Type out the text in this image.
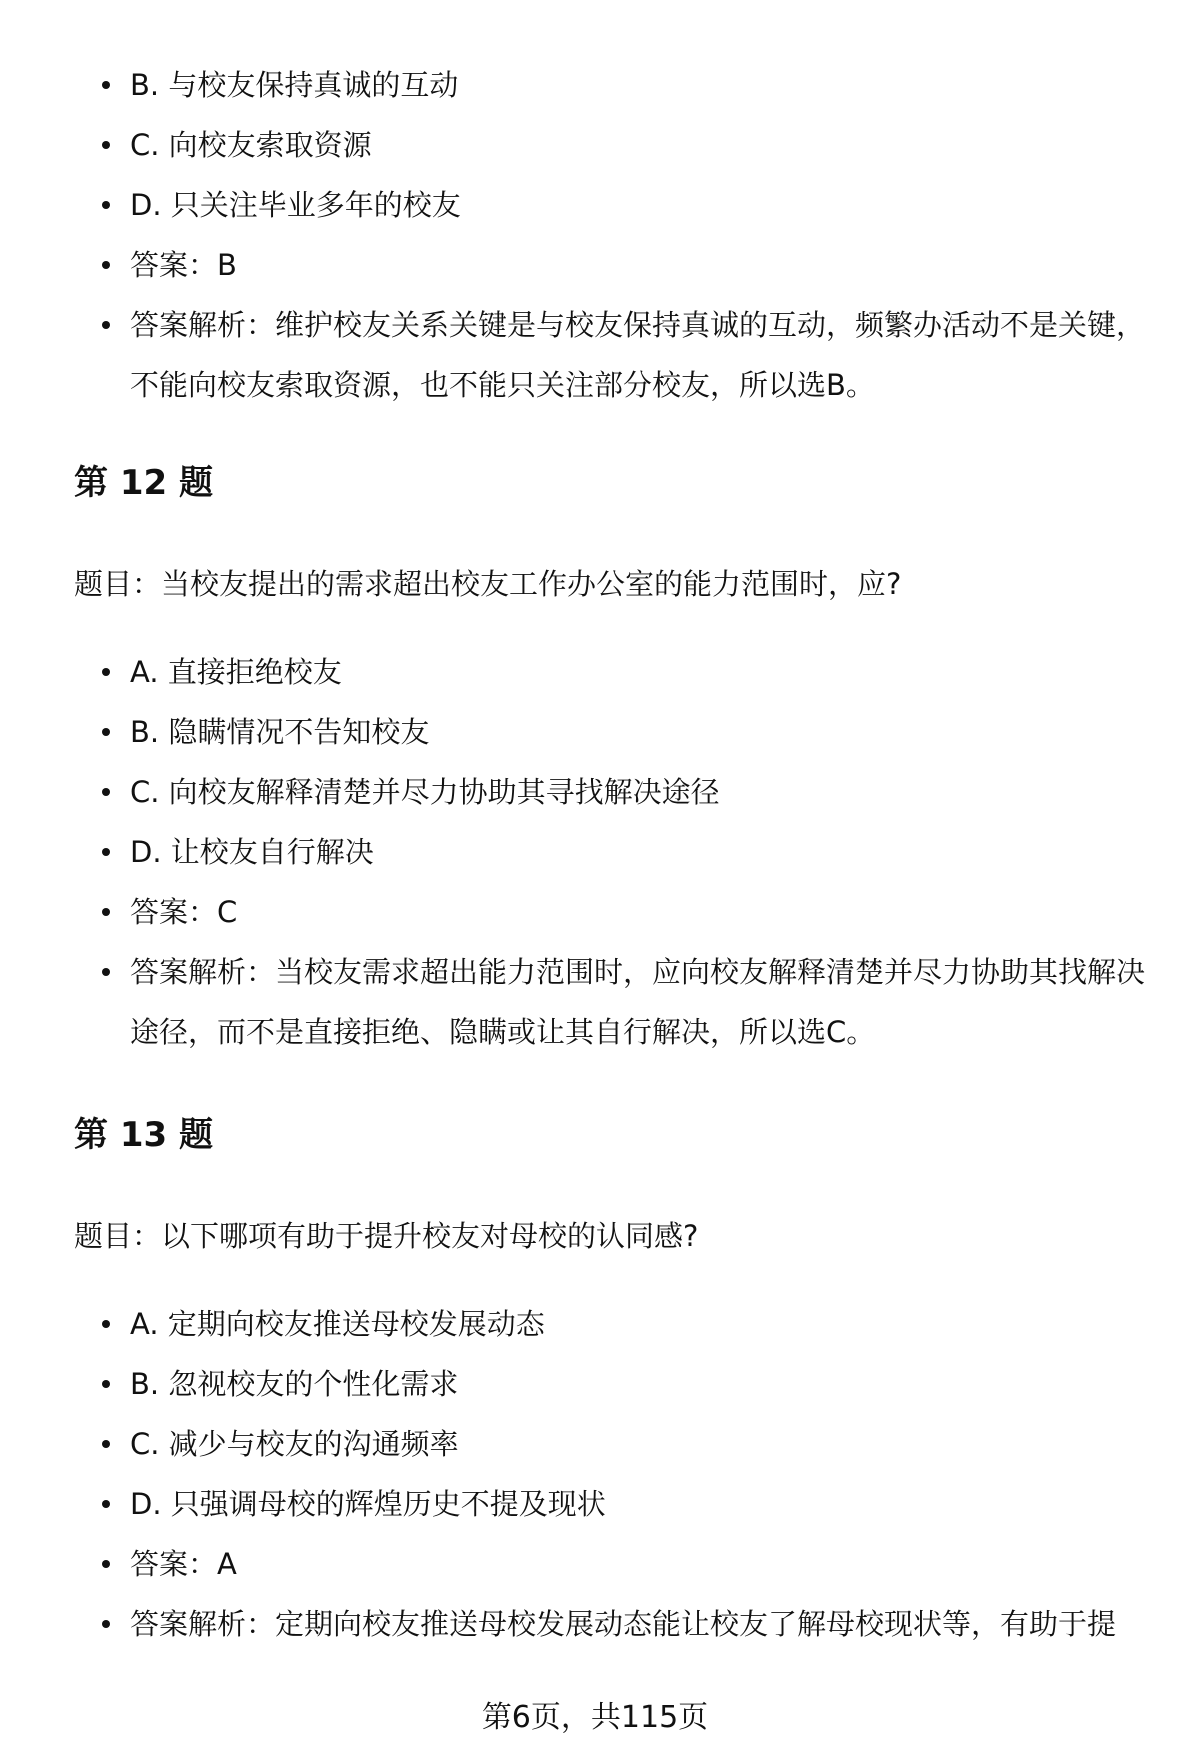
B. 与校友保持真诚的互动
C. 向校友索取资源
D. 只关注毕业多年的校友
答案：B
答案解析：维护校友关系关键是与校友保持真诚的互动，频繁办活动不是关键，不能向校友索取资源，也不能只关注部分校友，所以选B。
第 12 题

题目：当校友提出的需求超出校友工作办公室的能力范围时，应?

A. 直接拒绝校友
B. 隐瞒情况不告知校友
C. 向校友解释清楚并尽力协助其寻找解决途径
D. 让校友自行解决
答案：C
答案解析：当校友需求超出能力范围时，应向校友解释清楚并尽力协助其找解决途径，而不是直接拒绝、隐瞒或让其自行解决，所以选C。
第 13 题

题目：以下哪项有助于提升校友对母校的认同感?

A. 定期向校友推送母校发展动态
B. 忽视校友的个性化需求
C. 减少与校友的沟通频率
D. 只强调母校的辉煌历史不提及现状
答案：A
答案解析：定期向校友推送母校发展动态能让校友了解母校现状等，有助于提
第6页，共115页
